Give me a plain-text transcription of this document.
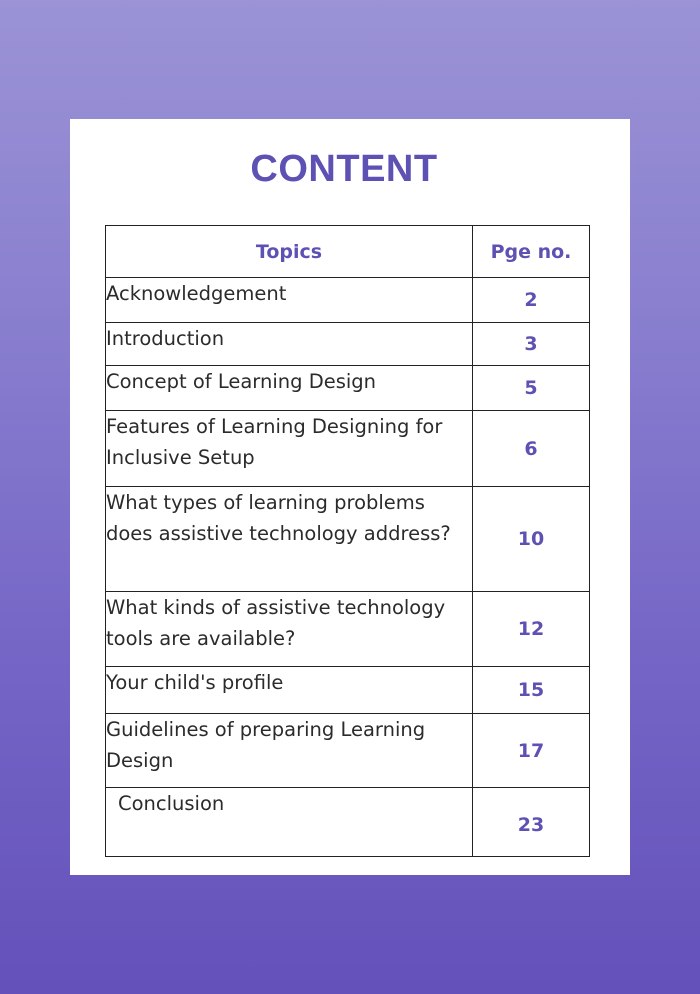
CONTENT
Topics	Pge no.
Acknowledgement	2
Introduction	3
Concept of Learning Design	5
Features of Learning Designing for Inclusive Setup	6
What types of learning problems does assistive technology address?	10
What kinds of assistive technology tools are available?	12
Your child's profile	15
Guidelines of preparing Learning Design	17
Conclusion	23
